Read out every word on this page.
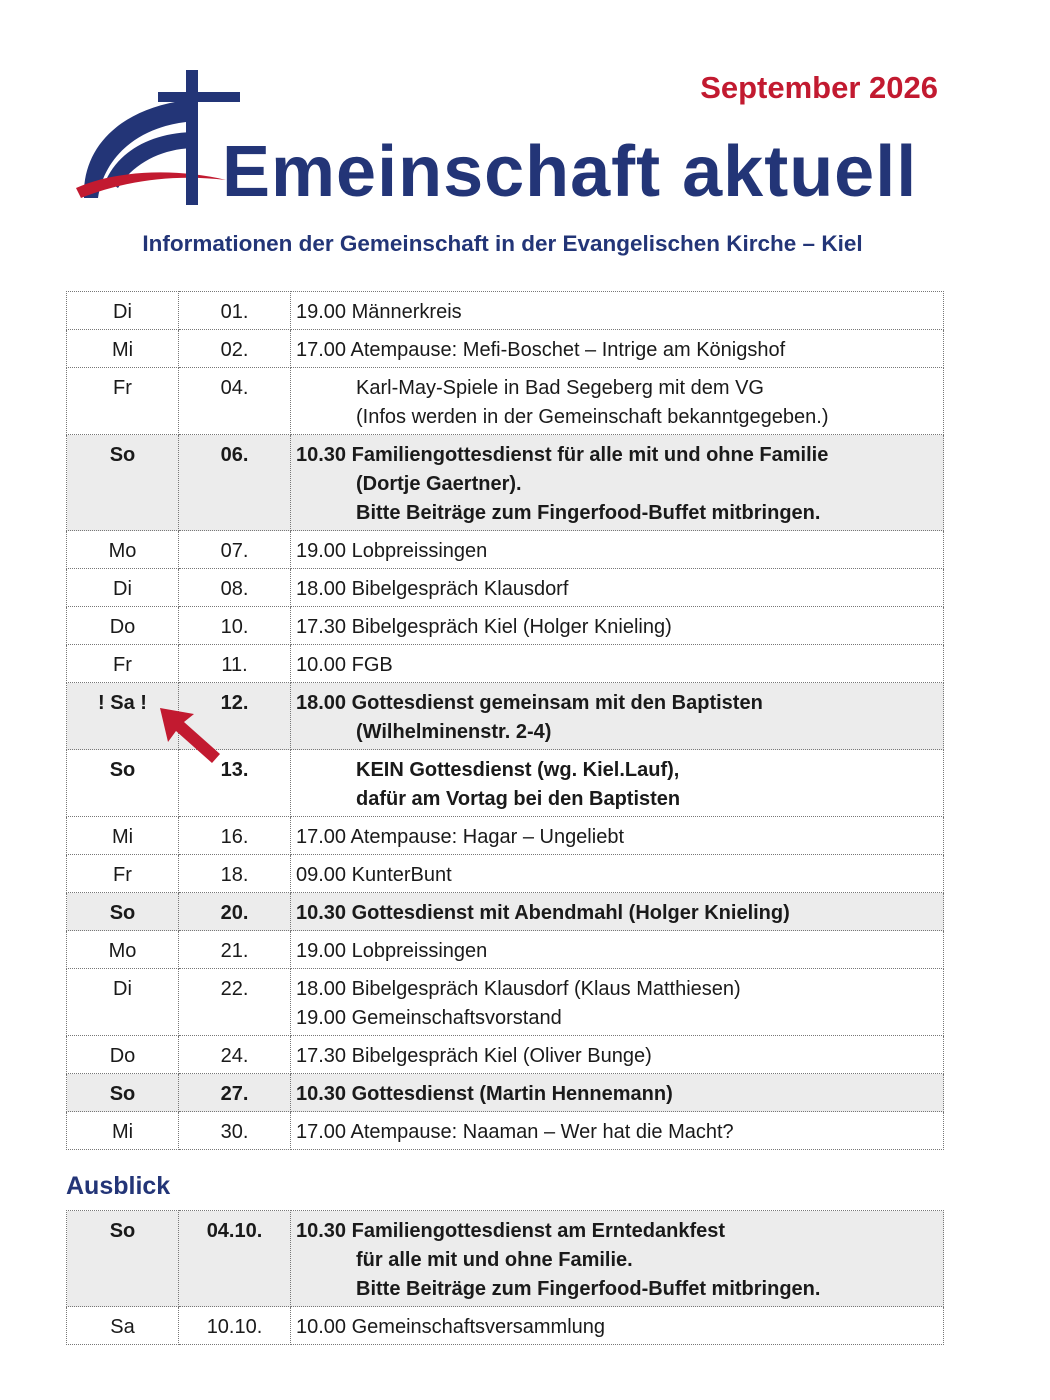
September 2026
Emeinschaft aktuell
Informationen der Gemeinschaft in der Evangelischen Kirche – Kiel
Di	01.	19.00 Männerkreis

Mi	02.	17.00 Atempause: Mefi-Boschet – Intrige am Königshof

Fr	04.	Karl-May-Spiele in Bad Segeberg mit dem VG
(Infos werden in der Gemeinschaft bekanntgegeben.)

So	06.	10.30 Familiengottesdienst für alle mit und ohne Familie
(Dortje Gaertner).
Bitte Beiträge zum Fingerfood-Buffet mitbringen.

Mo	07.	19.00 Lobpreissingen

Di	08.	18.00 Bibelgespräch Klausdorf

Do	10.	17.30 Bibelgespräch Kiel (Holger Knieling)

Fr	11.	10.00 FGB

! Sa !	12.	18.00 Gottesdienst gemeinsam mit den Baptisten
(Wilhelminenstr. 2-4)

So	13.	KEIN Gottesdienst (wg. Kiel.Lauf),
dafür am Vortag bei den Baptisten

Mi	16.	17.00 Atempause: Hagar – Ungeliebt

Fr	18.	09.00 KunterBunt

So	20.	10.30 Gottesdienst mit Abendmahl (Holger Knieling)

Mo	21.	19.00 Lobpreissingen

Di	22.	18.00 Bibelgespräch Klausdorf (Klaus Matthiesen)
19.00 Gemeinschaftsvorstand

Do	24.	17.30 Bibelgespräch Kiel (Oliver Bunge)

So	27.	10.30 Gottesdienst (Martin Hennemann)

Mi	30.	17.00 Atempause: Naaman – Wer hat die Macht?
Ausblick
So	04.10.	10.30 Familiengottesdienst am Erntedankfest
für alle mit und ohne Familie.
Bitte Beiträge zum Fingerfood-Buffet mitbringen.

Sa	10.10.	10.00 Gemeinschaftsversammlung
